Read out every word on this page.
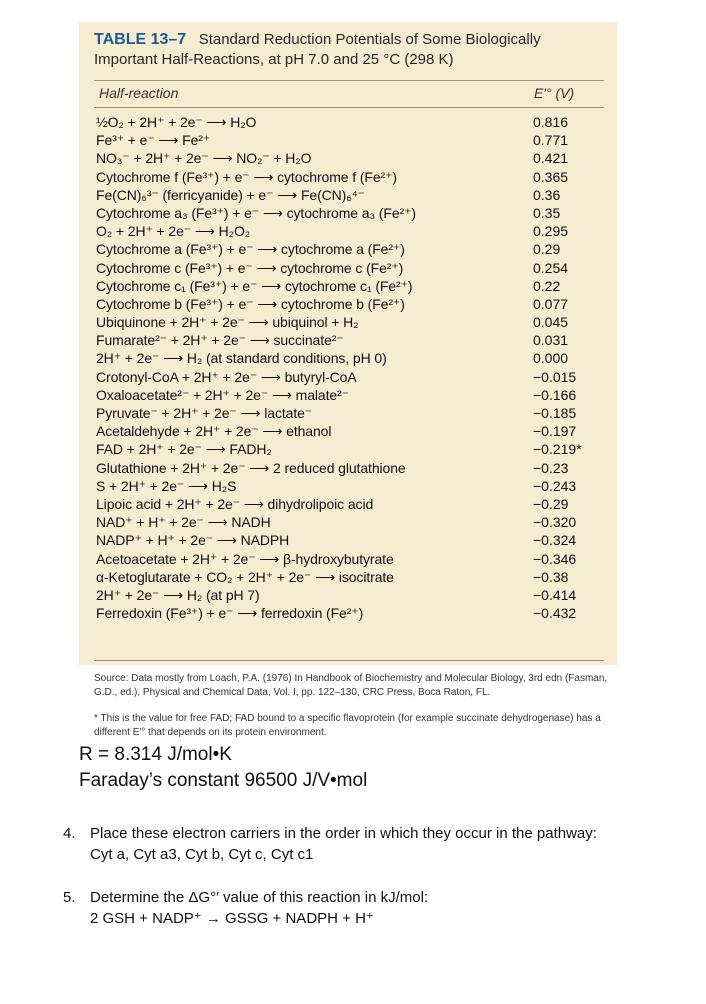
TABLE 13–7 Standard Reduction Potentials of Some Biologically Important Half-Reactions, at pH 7.0 and 25 °C (298 K)
Half-reaction	E′° (V)
½O₂ + 2H⁺ + 2e⁻ ⟶ H₂O	0.816
Fe³⁺ + e⁻ ⟶ Fe²⁺	0.771
NO₃⁻ + 2H⁺ + 2e⁻ ⟶ NO₂⁻ + H₂O	0.421
Cytochrome f (Fe³⁺) + e⁻ ⟶ cytochrome f (Fe²⁺)	0.365
Fe(CN)₆³⁻ (ferricyanide) + e⁻ ⟶ Fe(CN)₆⁴⁻	0.36
Cytochrome a₃ (Fe³⁺) + e⁻ ⟶ cytochrome a₃ (Fe²⁺)	0.35
O₂ + 2H⁺ + 2e⁻ ⟶ H₂O₂	0.295
Cytochrome a (Fe³⁺) + e⁻ ⟶ cytochrome a (Fe²⁺)	0.29
Cytochrome c (Fe³⁺) + e⁻ ⟶ cytochrome c (Fe²⁺)	0.254
Cytochrome c₁ (Fe³⁺) + e⁻ ⟶ cytochrome c₁ (Fe²⁺)	0.22
Cytochrome b (Fe³⁺) + e⁻ ⟶ cytochrome b (Fe²⁺)	0.077
Ubiquinone + 2H⁺ + 2e⁻ ⟶ ubiquinol + H₂	0.045
Fumarate²⁻ + 2H⁺ + 2e⁻ ⟶ succinate²⁻	0.031
2H⁺ + 2e⁻ ⟶ H₂ (at standard conditions, pH 0)	0.000
Crotonyl-CoA + 2H⁺ + 2e⁻ ⟶ butyryl-CoA	−0.015
Oxaloacetate²⁻ + 2H⁺ + 2e⁻ ⟶ malate²⁻	−0.166
Pyruvate⁻ + 2H⁺ + 2e⁻ ⟶ lactate⁻	−0.185
Acetaldehyde + 2H⁺ + 2e⁻ ⟶ ethanol	−0.197
FAD + 2H⁺ + 2e⁻ ⟶ FADH₂	−0.219*
Glutathione + 2H⁺ + 2e⁻ ⟶ 2 reduced glutathione	−0.23
S + 2H⁺ + 2e⁻ ⟶ H₂S	−0.243
Lipoic acid + 2H⁺ + 2e⁻ ⟶ dihydrolipoic acid	−0.29
NAD⁺ + H⁺ + 2e⁻ ⟶ NADH	−0.320
NADP⁺ + H⁺ + 2e⁻ ⟶ NADPH	−0.324
Acetoacetate + 2H⁺ + 2e⁻ ⟶ β-hydroxybutyrate	−0.346
α-Ketoglutarate + CO₂ + 2H⁺ + 2e⁻ ⟶ isocitrate	−0.38
2H⁺ + 2e⁻ ⟶ H₂ (at pH 7)	−0.414
Ferredoxin (Fe³⁺) + e⁻ ⟶ ferredoxin (Fe²⁺)	−0.432
Source: Data mostly from Loach, P.A. (1976) In Handbook of Biochemistry and Molecular Biology, 3rd edn (Fasman, G.D., ed.), Physical and Chemical Data, Vol. I, pp. 122–130, CRC Press, Boca Raton, FL.
* This is the value for free FAD; FAD bound to a specific flavoprotein (for example succinate dehydrogenase) has a different E′° that depends on its protein environment.
R = 8.314 J/mol•K
Faraday’s constant 96500 J/V•mol
4. Place these electron carriers in the order in which they occur in the pathway:
Cyt a, Cyt a3, Cyt b, Cyt c, Cyt c1
5. Determine the ΔG°′ value of this reaction in kJ/mol:
2 GSH + NADP⁺ → GSSG + NADPH + H⁺
